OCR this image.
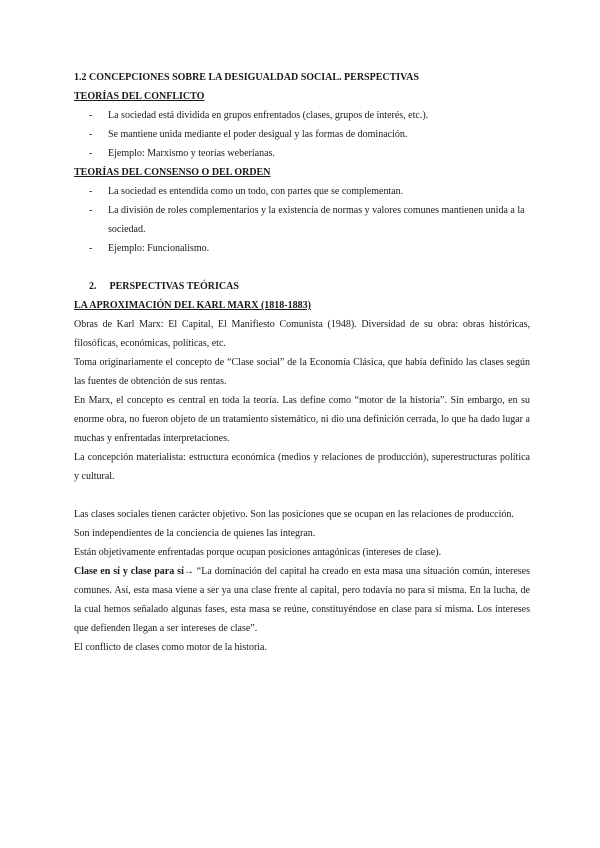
1.2 CONCEPCIONES SOBRE LA DESIGUALDAD SOCIAL. PERSPECTIVAS
TEORÍAS DEL CONFLICTO
- La sociedad está dividida en grupos enfrentados (clases, grupos de interés, etc.).
- Se mantiene unida mediante el poder desigual y las formas de dominación.
- Ejemplo: Marxismo y teorías weberianas.
TEORÍAS DEL CONSENSO O DEL ORDEN
- La sociedad es entendida como un todo, con partes que se complementan.
- La división de roles complementarios y la existencia de normas y valores comunes mantienen unida a la sociedad.
- Ejemplo: Funcionalismo.
2. PERSPECTIVAS TEÓRICAS
LA APROXIMACIÓN DEL KARL MARX (1818-1883)
Obras de Karl Marx: El Capital, El Manifiesto Comunista (1948). Diversidad de su obra: obras históricas, filosóficas, económicas, políticas, etc.
Toma originariamente el concepto de “Clase social” de la Economía Clásica, que había definido las clases según las fuentes de obtención de sus rentas.
En Marx, el concepto es central en toda la teoría. Las define como “motor de la historia”. Sin embargo, en su enorme obra, no fueron objeto de un tratamiento sistemático, ni dio una definición cerrada, lo que ha dado lugar a muchas y enfrentadas interpretaciones.
La concepción materialista: estructura económica (medios y relaciones de producción), superestructuras política y cultural.
Las clases sociales tienen carácter objetivo. Son las posiciones que se ocupan en las relaciones de producción.
Son independientes de la conciencia de quienes las integran.
Están objetivamente enfrentadas porque ocupan posiciones antagónicas (intereses de clase).
Clase en sí y clase para sí→ “La dominación del capital ha creado en esta masa una situación común, intereses comunes. Así, esta masa viene a ser ya una clase frente al capital, pero todavía no para sí misma. En la lucha, de la cual hemos señalado algunas fases, esta masa se reúne, constituyéndose en clase para sí misma. Los intereses que defienden llegan a ser intereses de clase”.
El conflicto de clases como motor de la historia.
